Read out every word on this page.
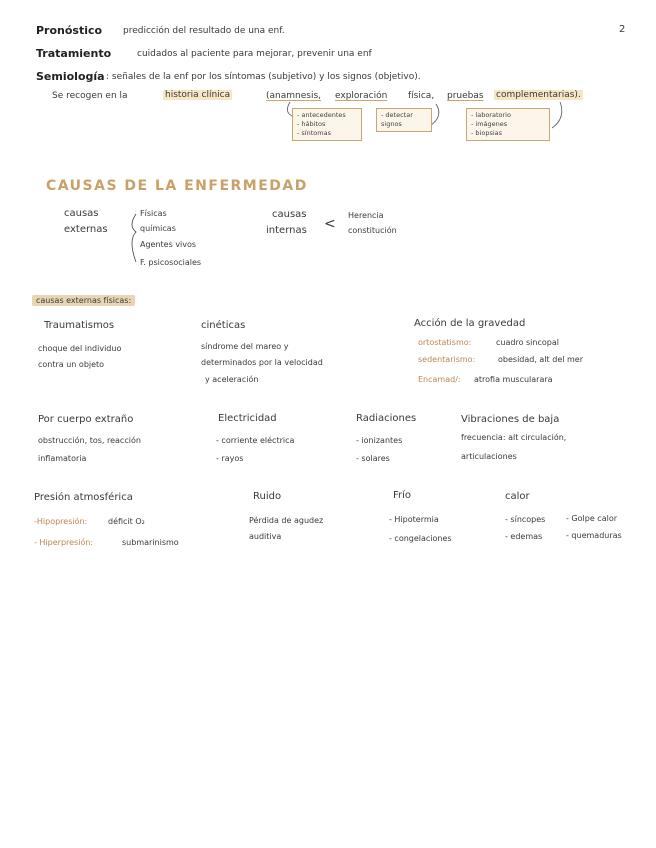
2
Pronóstico predicción del resultado de una enf.
Tratamiento	cuidados al paciente para mejorar, prevenir una enf
Semiología : señales de la enf por los síntomas (subjetivo) y los signos (objetivo).
Se recogen en la	historia clínica	(anamnesis, exploración física, pruebas complementarias).
- antecedentes
- hábitos
- síntomas
- detectar
signos
- laboratorio
- imágenes
- biopsias
CAUSAS DE LA ENFERMEDAD
causas
externas
Físicas
químicas
Agentes vivos
F. psicosociales
causas
internas <
Herencia
constitución
causas externas físicas:
Traumatismos
choque del individuo
contra un objeto
cinéticas
síndrome del mareo y
determinados por la velocidad
y aceleración
Acción de la gravedad
ortostatismo:	cuadro sincopal
sedentarismo:	obesidad, alt del mer
Encamad/: atrofia muscularara
Por cuerpo extraño
obstrucción, tos, reacción
inflamatoria
Electricidad
- corriente eléctrica
- rayos
Radiaciones
- ionizantes
- solares
Vibraciones de baja
frecuencia: alt circulación,
articulaciones
Presión atmosférica
-Hipopresión:	déficit O₂
- Hiperpresión:	submarinismo
Ruido
Pérdida de agudez
auditiva
Frío
- Hipotermia
- congelaciones
calor
- síncopes
- edemas
- Golpe calor
- quemaduras
